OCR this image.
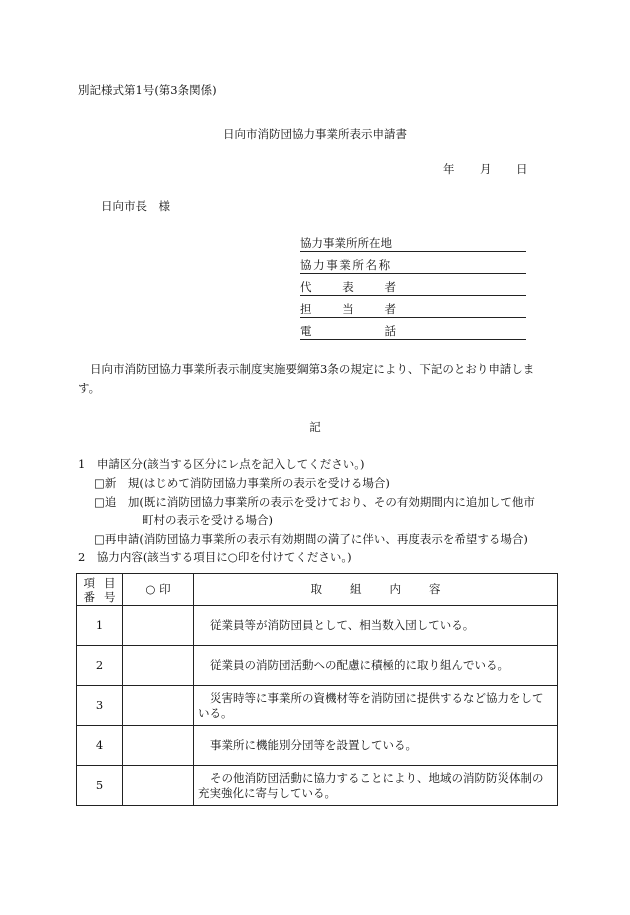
別記様式第1号(第3条関係)
日向市消防団協力事業所表示申請書
年 月 日
日向市長　様
協力事業所所在地
協力事業所名称
代	表	者
担	当	者
電	話
日向市消防団協力事業所表示制度実施要綱第3条の規定により、下記のとおり申請します。
記
1　申請区分(該当する区分にレ点を記入してください。)
□新　規(はじめて消防団協力事業所の表示を受ける場合)
□追　加(既に消防団協力事業所の表示を受けており、その有効期間内に追加して他市
町村の表示を受ける場合)
□再申請(消防団協力事業所の表示有効期間の満了に伴い、再度表示を希望する場合)
2　協力内容(該当する項目に○印を付けてください。)
項目
番号	○ 印	取組内容
1		従業員等が消防団員として、相当数入団している。
2		従業員の消防団活動への配慮に積極的に取り組んでいる。
3		災害時等に事業所の資機材等を消防団に提供するなど協力をしている。
4		事業所に機能別分団等を設置している。
5		その他消防団活動に協力することにより、地域の消防防災体制の充実強化に寄与している。
